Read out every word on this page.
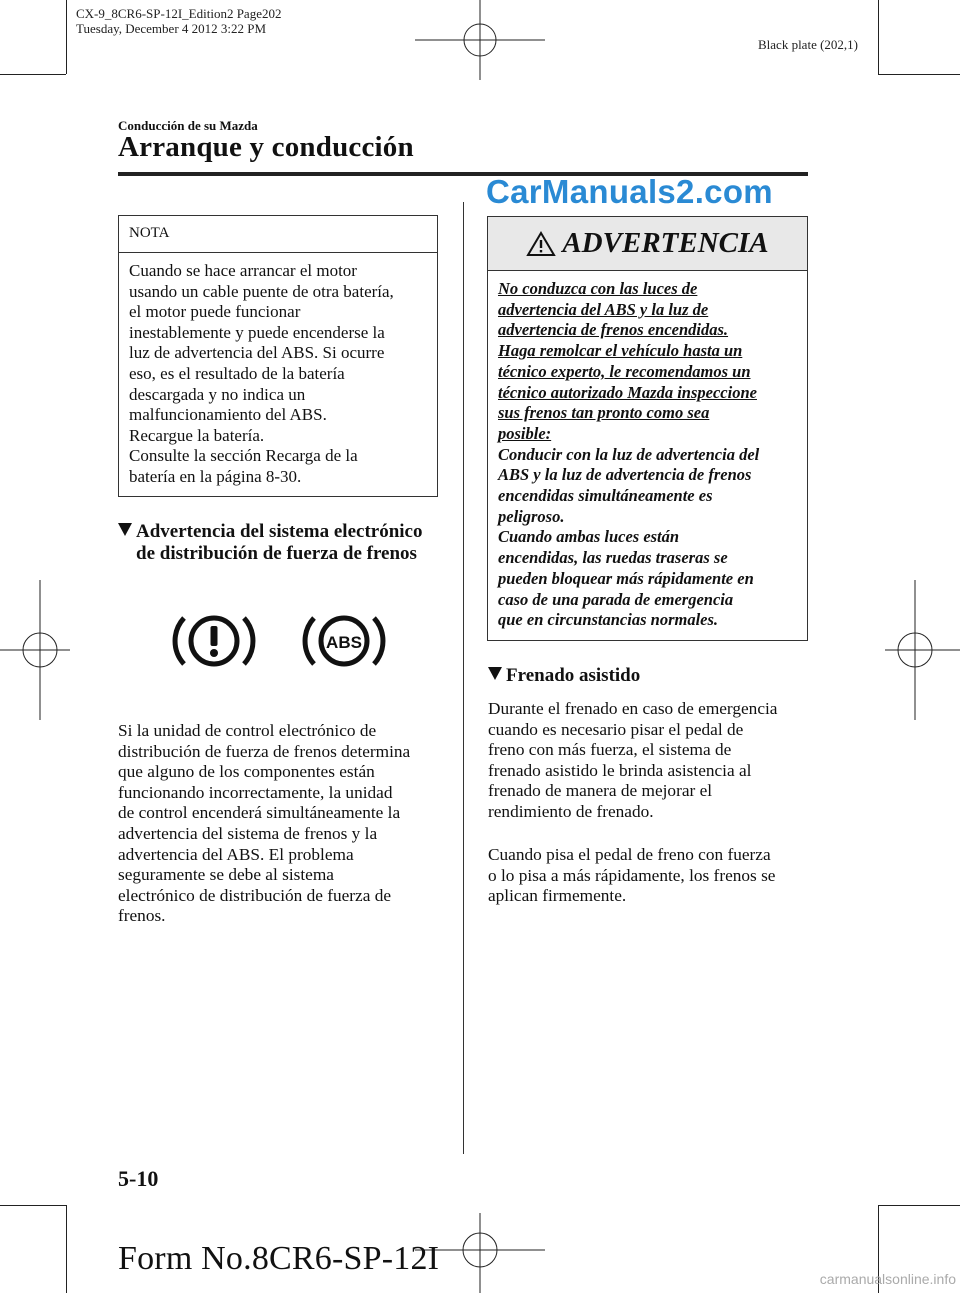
CX-9_8CR6-SP-12I_Edition2 Page202
Tuesday, December 4 2012 3:22 PM
Black plate (202,1)
Conducción de su Mazda
Arranque y conducción
CarManuals2.com
NOTA

Cuando se hace arrancar el motor

usando un cable puente de otra batería,

el motor puede funcionar

inestablemente y puede encenderse la

luz de advertencia del ABS. Si ocurre

eso, es el resultado de la batería

descargada y no indica un

malfuncionamiento del ABS.

Recargue la batería.

Consulte la sección Recarga de la

batería en la página 8-30.

Advertencia del sistema electrónico
de distribución de fuerza de frenos
ABS
Si la unidad de control electrónico de
distribución de fuerza de frenos determina
que alguno de los componentes están
funcionando incorrectamente, la unidad
de control encenderá simultáneamente la
advertencia del sistema de frenos y la
advertencia del ABS. El problema
seguramente se debe al sistema
electrónico de distribución de fuerza de
frenos.
ADVERTENCIA
No conduzca con las luces de
advertencia del ABS y la luz de
advertencia de frenos encendidas.
Haga remolcar el vehículo hasta un
técnico experto, le recomendamos un
técnico autorizado Mazda inspeccione
sus frenos tan pronto como sea
posible:
Conducir con la luz de advertencia del
ABS y la luz de advertencia de frenos
encendidas simultáneamente es
peligroso.
Cuando ambas luces están
encendidas, las ruedas traseras se
pueden bloquear más rápidamente en
caso de una parada de emergencia
que en circunstancias normales.
Frenado asistido
Durante el frenado en caso de emergencia
cuando es necesario pisar el pedal de
freno con más fuerza, el sistema de
frenado asistido le brinda asistencia al
frenado de manera de mejorar el
rendimiento de frenado.
Cuando pisa el pedal de freno con fuerza
o lo pisa a más rápidamente, los frenos se
aplican firmemente.
5-10
Form No.8CR6-SP-12I
carmanualsonline.info
